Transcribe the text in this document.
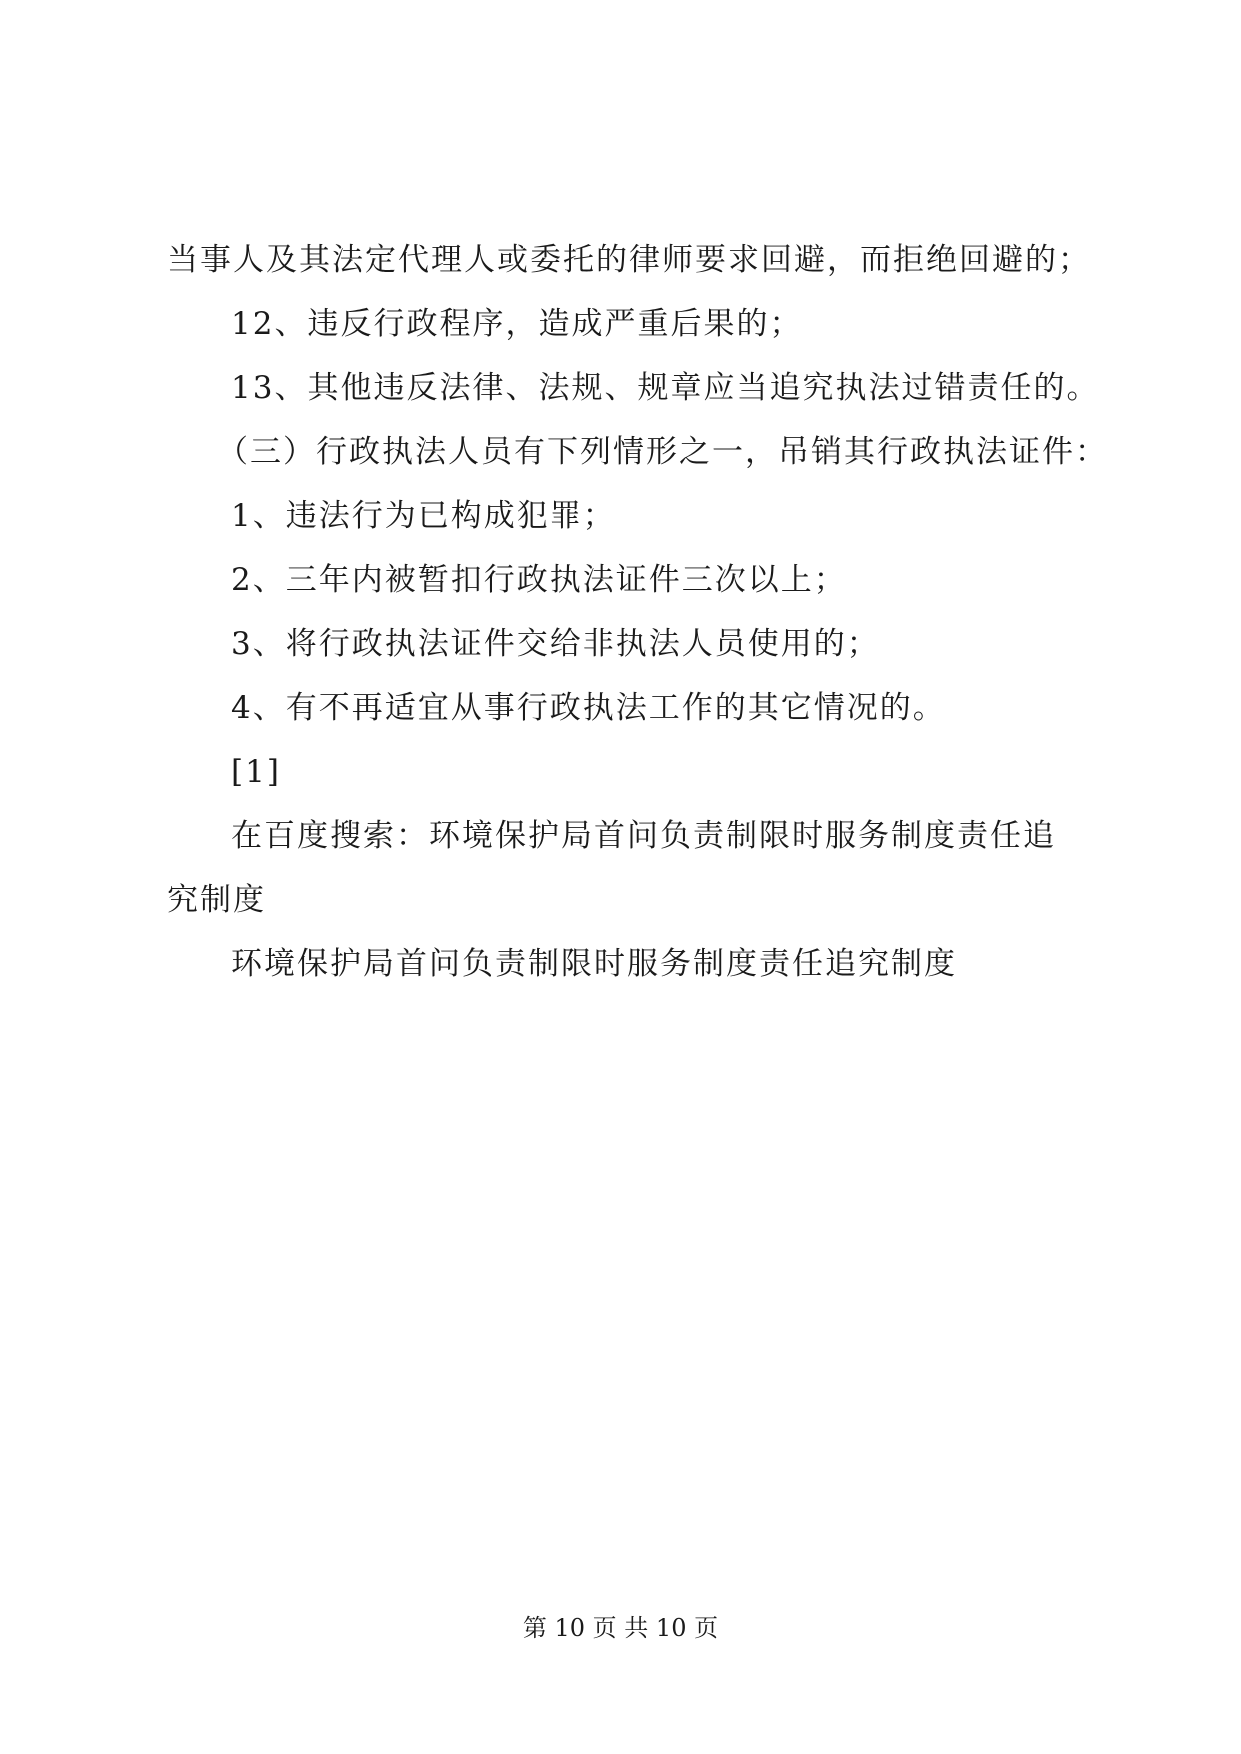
当事人及其法定代理人或委托的律师要求回避，而拒绝回避的；

12、违反行政程序，造成严重后果的；

13、其他违反法律、法规、规章应当追究执法过错责任的。

（三）行政执法人员有下列情形之一，吊销其行政执法证件：

1、违法行为已构成犯罪；

2、三年内被暂扣行政执法证件三次以上；

3、将行政执法证件交给非执法人员使用的；

4、有不再适宜从事行政执法工作的其它情况的。

[1]

在百度搜索：环境保护局首问负责制限时服务制度责任追究制度

环境保护局首问负责制限时服务制度责任追究制度

第 10 页 共 10 页
